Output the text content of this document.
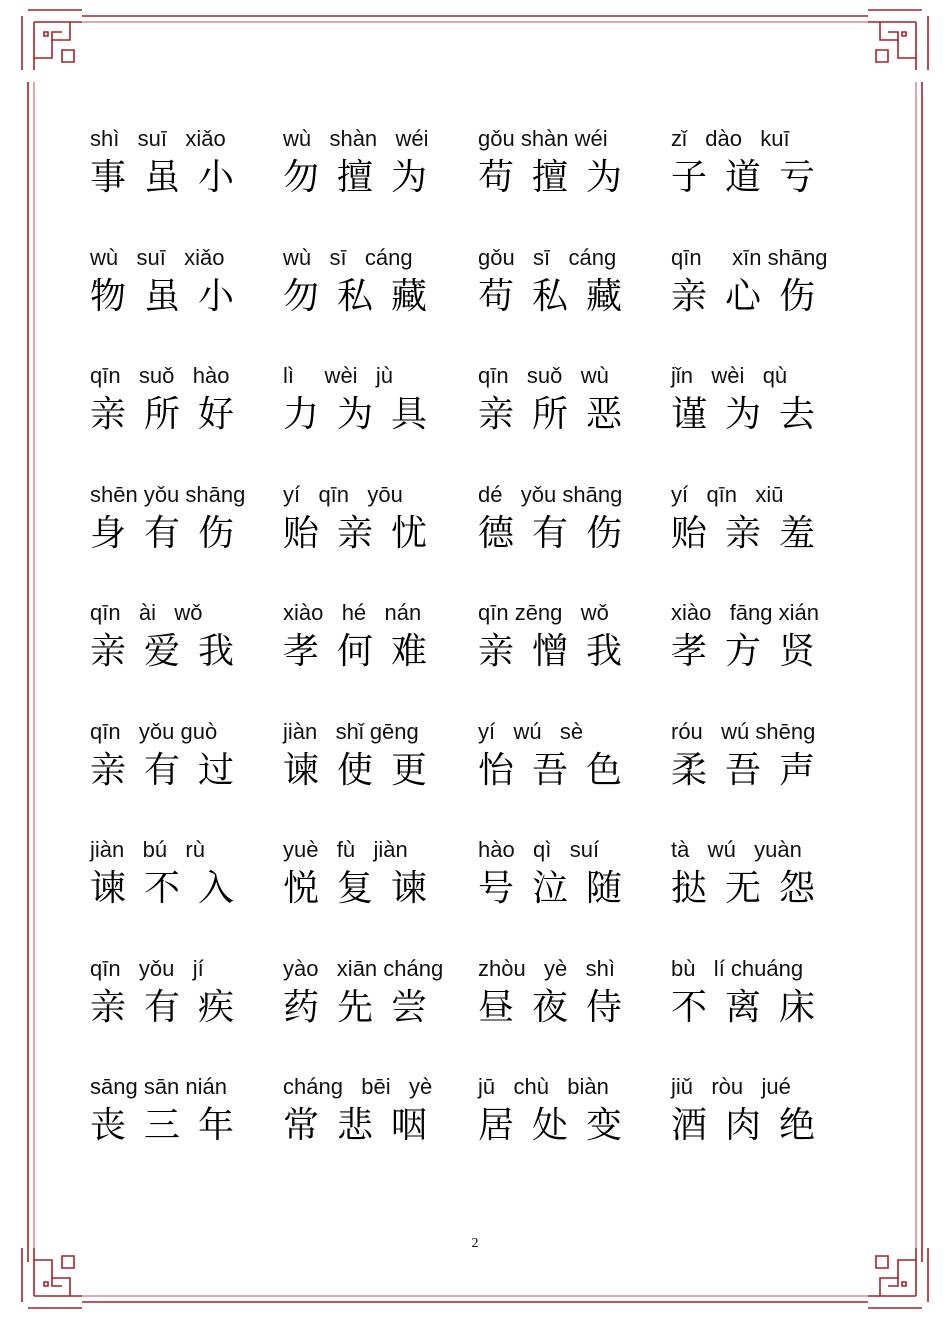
shì   suī   xiǎo
事虽小
wù   shàn   wéi
勿擅为
gǒu shàn wéi
苟擅为
zǐ   dào   kuī
子道亏
wù   suī   xiǎo
物虽小
wù   sī   cáng
勿私藏
gǒu   sī   cáng
苟私藏
qīn     xīn shāng
亲心伤
qīn   suǒ   hào
亲所好
lì     wèi   jù
力为具
qīn   suǒ   wù
亲所恶
jǐn   wèi   qù
谨为去
shēn yǒu shāng
身有伤
yí   qīn   yōu
贻亲忧
dé   yǒu shāng
德有伤
yí   qīn   xiū
贻亲羞
qīn   ài   wǒ
亲爱我
xiào   hé   nán
孝何难
qīn zēng   wǒ
亲憎我
xiào   fāng xián
孝方贤
qīn   yǒu guò
亲有过
jiàn   shǐ gēng
谏使更
yí   wú   sè
怡吾色
róu   wú shēng
柔吾声
jiàn   bú   rù
谏不入
yuè   fù   jiàn
悦复谏
hào   qì   suí
号泣随
tà   wú   yuàn
挞无怨
qīn   yǒu   jí
亲有疾
yào   xiān cháng
药先尝
zhòu   yè   shì
昼夜侍
bù   lí chuáng
不离床
sāng sān nián
丧三年
cháng   bēi   yè
常悲咽
jū   chù   biàn
居处变
jiǔ   ròu   jué
酒肉绝
2
